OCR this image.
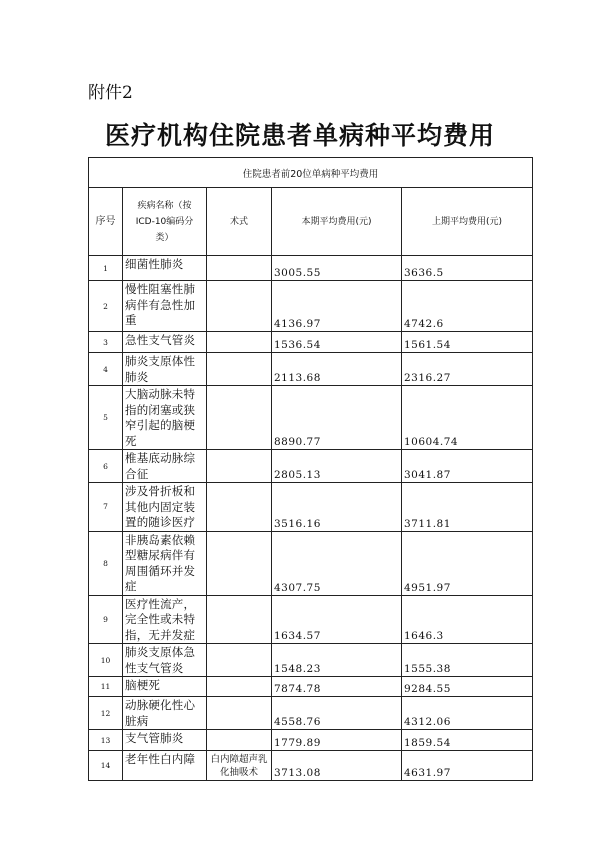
附件2
医疗机构住院患者单病种平均费用
住院患者前20位单病种平均费用				
序号	疾病名称（按ICD-10编码分类）	术式	本期平均费用(元)	上期平均费用(元)
1	细菌性肺炎		3005.55	3636.5
2	慢性阻塞性肺病伴有急性加重		4136.97	4742.6
3	急性支气管炎		1536.54	1561.54
4	肺炎支原体性肺炎		2113.68	2316.27
5	大脑动脉未特指的闭塞或狭窄引起的脑梗死		8890.77	10604.74
6	椎基底动脉综合征		2805.13	3041.87
7	涉及骨折板和其他内固定装置的随诊医疗		3516.16	3711.81
8	非胰岛素依赖型糖尿病伴有周围循环并发症		4307.75	4951.97
9	医疗性流产，完全性或未特指，无并发症		1634.57	1646.3
10	肺炎支原体急性支气管炎		1548.23	1555.38
11	脑梗死		7874.78	9284.55
12	动脉硬化性心脏病		4558.76	4312.06
13	支气管肺炎		1779.89	1859.54
14	老年性白内障	白内障超声乳化抽吸术	3713.08	4631.97
